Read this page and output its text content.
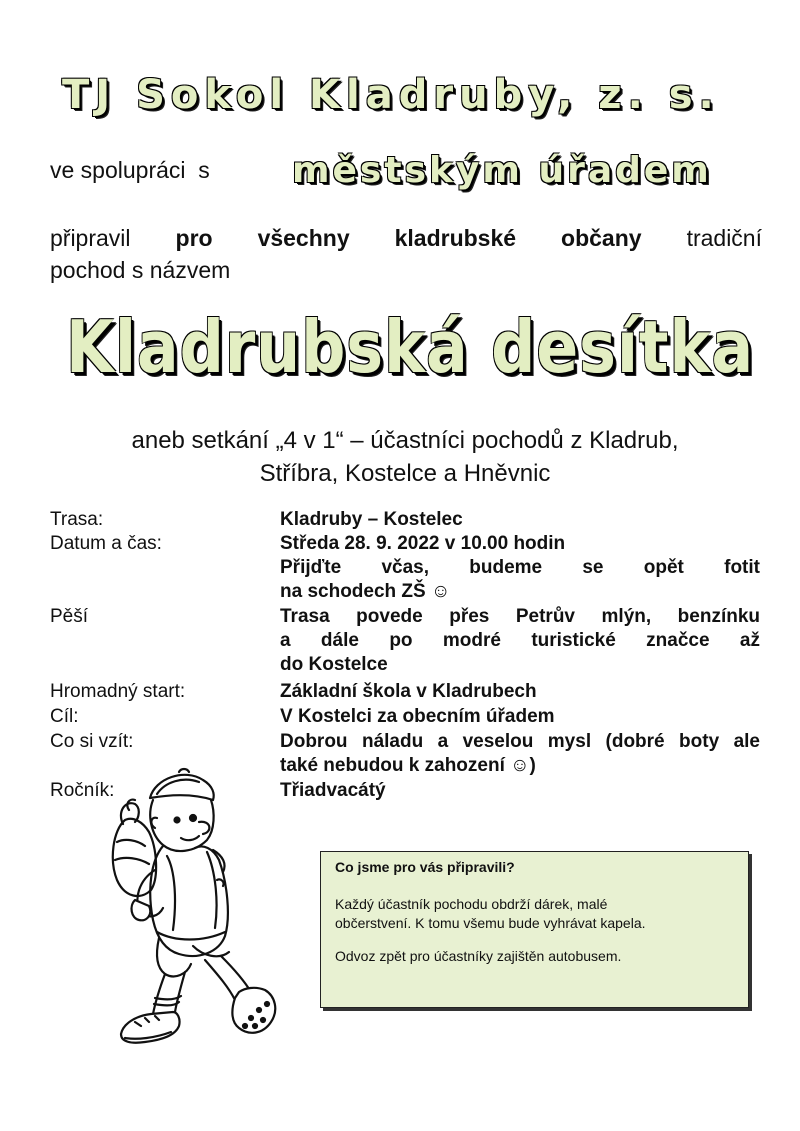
TJ Sokol Kladruby, z. s.
ve spolupráci  s městským úřadem
připravil pro všechny kladrubské občany tradiční
pochod s názvem
Kladrubská desítka
aneb setkání „4 v 1“ – účastníci pochodů z Kladrub,
Stříbra, Kostelce a Hněvnic
Trasa:	Kladruby – Kostelec
Datum a čas:	Středa 28. 9. 2022 v 10.00 hodin
Přijďte včas, budeme se opět fotit
na schodech ZŠ ☺
Pěší	Trasa povede přes Petrův mlýn, benzínku
a dále po modré turistické značce až
do Kostelce
Hromadný start:	Základní škola v Kladrubech
Cíl:	V Kostelci za obecním úřadem
Co si vzít:	Dobrou náladu a veselou mysl (dobré boty ale
také nebudou k zahození ☺)
Ročník:	Třiadvacátý
Co jsme pro vás připravili?
Každý účastník pochodu obdrží dárek, malé občerstvení. K tomu všemu bude vyhrávat kapela.
Odvoz zpět pro účastníky zajištěn autobusem.
